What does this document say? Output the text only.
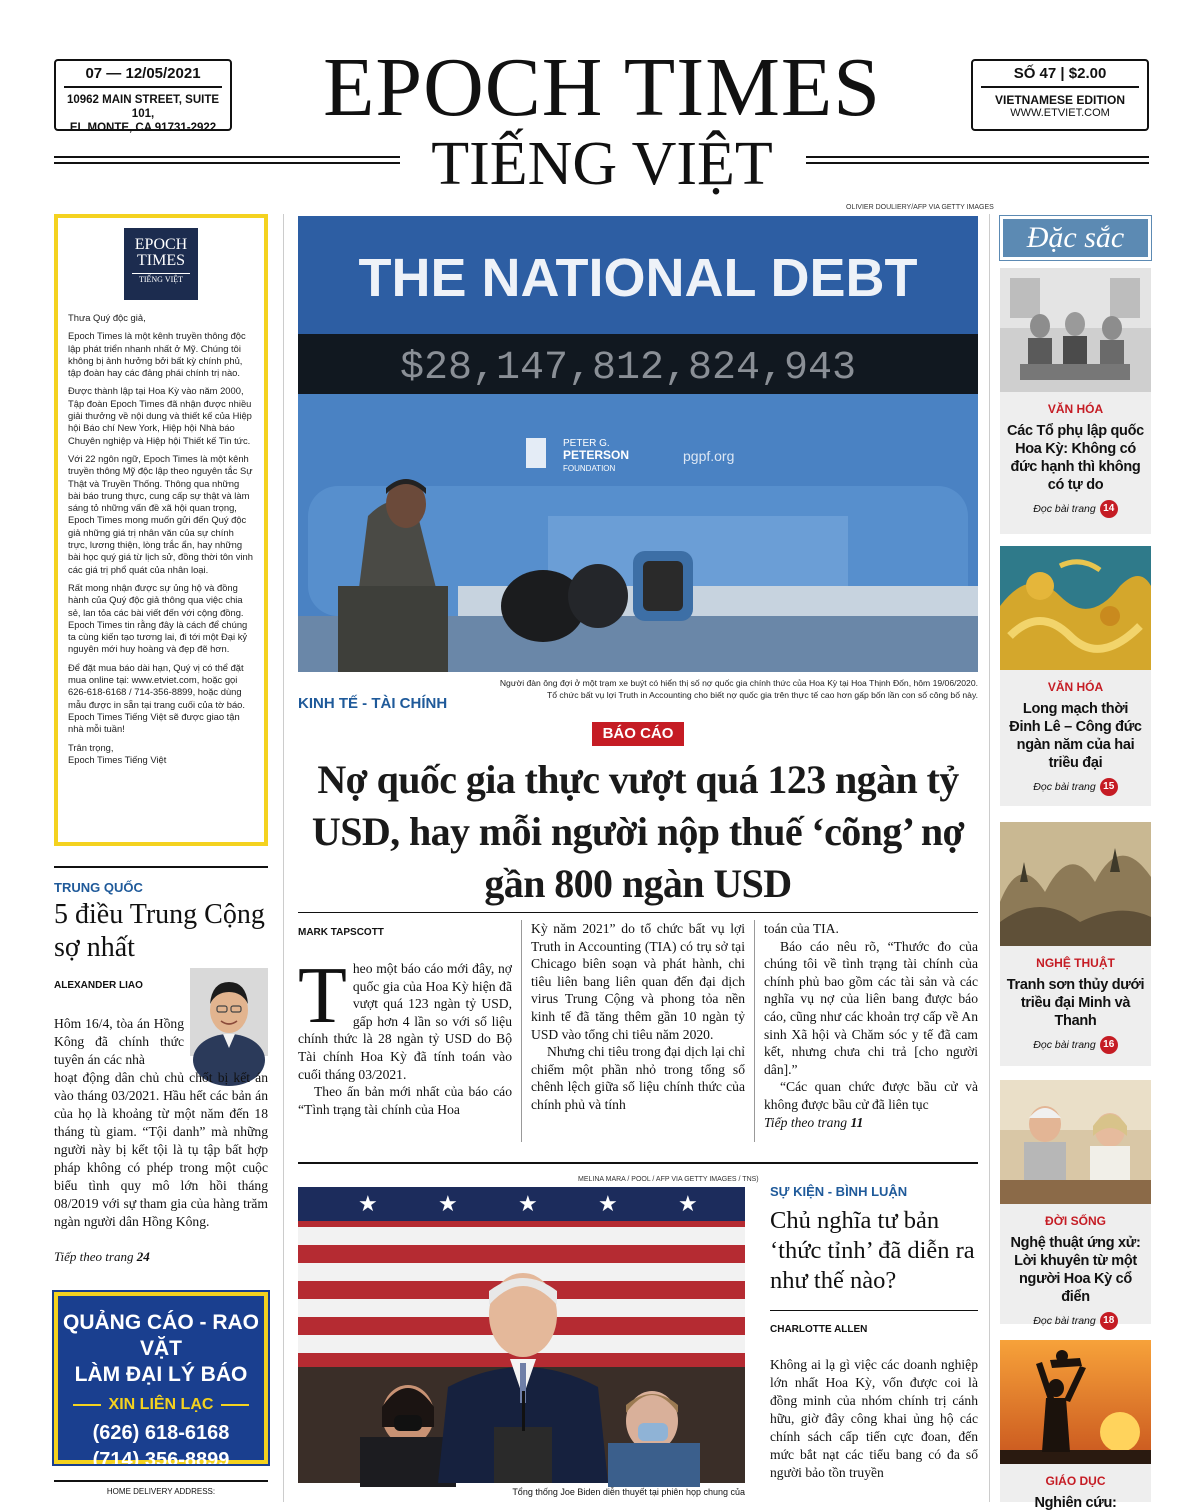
07 — 12/05/2021
10962 MAIN STREET, SUITE 101,
EL MONTE, CA 91731-2922	EPOCH TIMES
TIẾNG VIỆT
SỐ 47 | $2.00
VIETNAMESE EDITION
WWW.ETVIET.COM
EPOCH
TIMES
TIẾNG VIỆT

Thưa Quý độc giả,

Epoch Times là một kênh truyền thông độc lập phát triển nhanh nhất ở Mỹ. Chúng tôi không bị ảnh hưởng bởi bất kỳ chính phủ, tập đoàn hay các đảng phái chính trị nào.

Được thành lập tại Hoa Kỳ vào năm 2000, Tập đoàn Epoch Times đã nhận được nhiều giải thưởng về nội dung và thiết kế của Hiệp hội Báo chí New York, Hiệp hội Nhà báo Chuyên nghiệp và Hiệp hội Thiết kế Tin tức.

Với 22 ngôn ngữ, Epoch Times là một kênh truyền thông Mỹ độc lập theo nguyên tắc Sự Thật và Truyền Thống. Thông qua những bài báo trung thực, cung cấp sự thật và làm sáng tỏ những vấn đề xã hội quan trọng, Epoch Times mong muốn gửi đến Quý độc giả những giá trị nhân văn của sự chính trực, lương thiện, lòng trắc ẩn, hay những bài học quý giá từ lịch sử, đồng thời tôn vinh các giá trị phổ quát của nhân loại.

Rất mong nhận được sự ủng hộ và đồng hành của Quý độc giả thông qua việc chia sẻ, lan tỏa các bài viết đến với cộng đồng. Epoch Times tin rằng đây là cách để chúng ta cùng kiến tạo tương lai, đi tới một Đại kỷ nguyên mới huy hoàng và đẹp đẽ hơn.

Để đặt mua báo dài hạn, Quý vị có thể đặt mua online tại: www.etviet.com, hoặc gọi 626-618-6168 / 714-356-8899, hoặc dùng mẫu được in sẵn tại trang cuối của tờ báo. Epoch Times Tiếng Việt sẽ được giao tận nhà mỗi tuần!

Trân trọng,

Epoch Times Tiếng Việt

TRUNG QUỐC
5 điều Trung Cộng sợ nhất
ALEXANDER LIAO
Hôm 16/4, tòa án Hồng Kông đã chính thức tuyên án các nhà
hoạt động dân chủ chủ chốt bị kết án vào tháng 03/2021. Hầu hết các bản án của họ là khoảng từ một năm đến 18 tháng tù giam. “Tội danh” mà những người này bị kết tội là tụ tập bất hợp pháp không có phép trong một cuộc biểu tình quy mô lớn hồi tháng 08/2019 với sự tham gia của hàng trăm ngàn người dân Hồng Kông.
Tiếp theo trang 24
QUẢNG CÁO - RAO VẶT
LÀM ĐẠI LÝ BÁO
XIN LIÊN LẠC
(626) 618-6168
(714) 356-8899
HOME DELIVERY ADDRESS:
OLIVIER DOULIERY/AFP VIA GETTY IMAGES
THE NATIONAL DEBT
$28,147,812,824,943
PETER G.
PETERSON
FOUNDATION
pgpf.org
Người đàn ông đợi ở một trạm xe buýt có hiển thị số nợ quốc gia chính thức của Hoa Kỳ tại Hoa Thịnh Đốn, hôm 19/06/2020.
Tổ chức bất vụ lợi Truth in Accounting cho biết nợ quốc gia trên thực tế cao hơn gấp bốn lần con số công bố này.
KINH TẾ - TÀI CHÍNH
BÁO CÁO
Nợ quốc gia thực vượt quá 123 ngàn tỷ USD, hay mỗi người nộp thuế ‘cõng’ nợ gần 800 ngàn USD
MARK TAPSCOTT
T heo một báo cáo mới đây, nợ quốc gia của Hoa Kỳ hiện đã vượt quá 123 ngàn tỷ USD, gấp hơn 4 lần so với số liệu chính thức là 28 ngàn tỷ USD do Bộ Tài chính Hoa Kỳ đã tính toán vào cuối tháng 03/2021.
Theo ấn bản mới nhất của báo cáo “Tình trạng tài chính của Hoa
Kỳ năm 2021” do tổ chức bất vụ lợi Truth in Accounting (TIA) có trụ sở tại Chicago biên soạn và phát hành, chi tiêu liên bang liên quan đến đại dịch virus Trung Cộng và phong tỏa nền kinh tế đã tăng thêm gần 10 ngàn tỷ USD vào tổng chi tiêu năm 2020.
Nhưng chi tiêu trong đại dịch lại chỉ chiếm một phần nhỏ trong tổng số chênh lệch giữa số liệu chính thức của chính phủ và tính
toán của TIA.
Báo cáo nêu rõ, “Thước đo của chúng tôi về tình trạng tài chính của chính phủ bao gồm các tài sản và các nghĩa vụ nợ của liên bang được báo cáo, cũng như các khoản trợ cấp về An sinh Xã hội và Chăm sóc y tế đã cam kết, nhưng chưa chi trả [cho người dân].”
“Các quan chức được bầu cử và không được bầu cử đã liên tục
Tiếp theo trang 11
MELINA MARA / POOL / AFP VIA GETTY IMAGES / TNS)
★	★	★	★	★
Tổng thống Joe Biden diễn thuyết tại phiên họp chung của
SỰ KIỆN - BÌNH LUẬN
Chủ nghĩa tư bản ‘thức tỉnh’ đã diễn ra như thế nào?
CHARLOTTE ALLEN
Không ai lạ gì việc các doanh nghiệp lớn nhất Hoa Kỳ, vốn được coi là đồng minh của nhóm chính trị cánh hữu, giờ đây công khai ủng hộ các chính sách cấp tiến cực đoan, đến mức bắt nạt các tiểu bang có đa số người bảo tồn truyền
Đặc sắc
VĂN HÓA
Các Tổ phụ lập quốc Hoa Kỳ: Không có đức hạnh thì không có tự do
Đọc bài trang 14
VĂN HÓA
Long mạch thời Đinh Lê – Công đức ngàn năm của hai triều đại
Đọc bài trang 15
NGHỆ THUẬT
Tranh sơn thủy dưới triều đại Minh và Thanh
Đọc bài trang 16
ĐỜI SỐNG
Nghệ thuật ứng xử: Lời khuyên từ một người Hoa Kỳ cổ điển
Đọc bài trang 18
GIÁO DỤC
Nghiên cứu:
